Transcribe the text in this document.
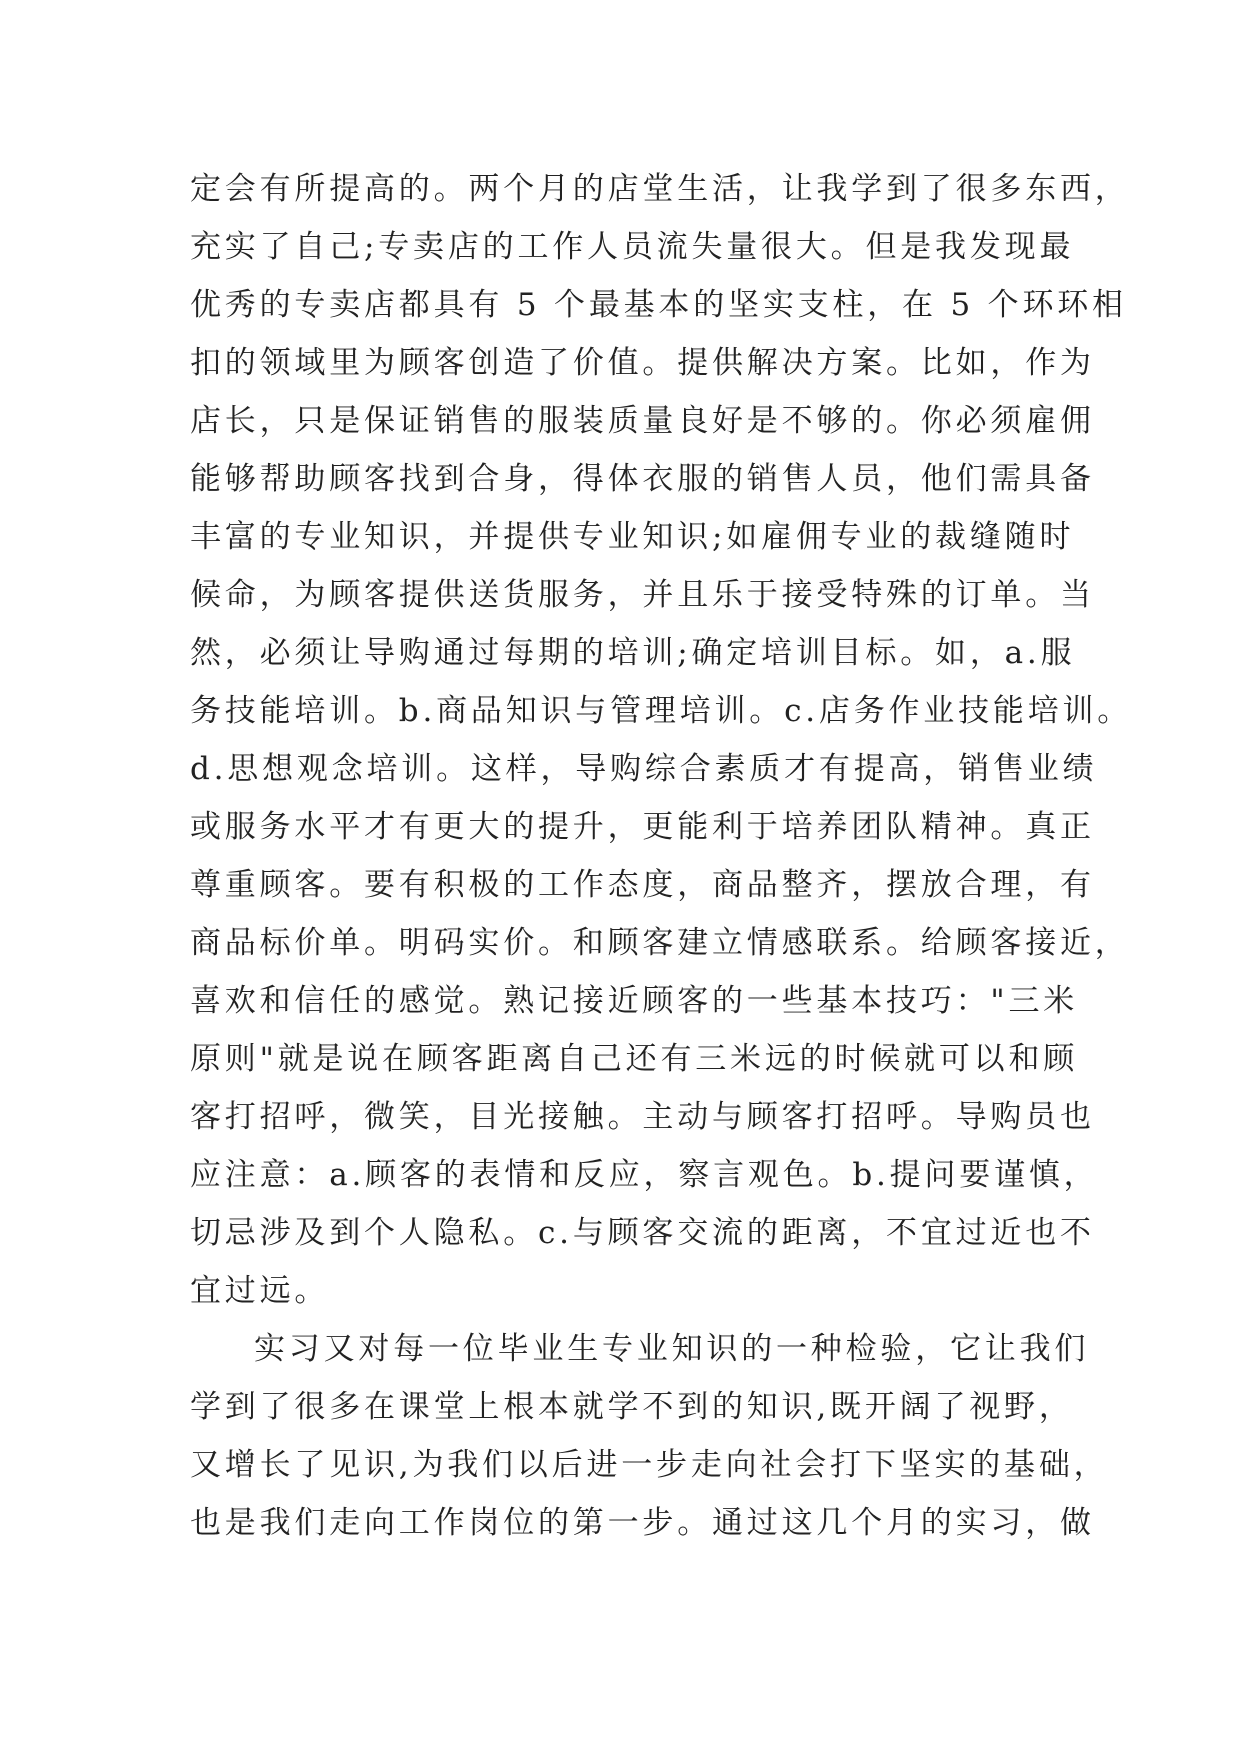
定会有所提高的。两个月的店堂生活，让我学到了很多东西，
充实了自己;专卖店的工作人员流失量很大。但是我发现最
优秀的专卖店都具有 5 个最基本的坚实支柱，在 5 个环环相
扣的领域里为顾客创造了价值。提供解决方案。比如，作为
店长，只是保证销售的服装质量良好是不够的。你必须雇佣
能够帮助顾客找到合身，得体衣服的销售人员，他们需具备
丰富的专业知识，并提供专业知识;如雇佣专业的裁缝随时
候命，为顾客提供送货服务，并且乐于接受特殊的订单。当
然，必须让导购通过每期的培训;确定培训目标。如，a.服
务技能培训。b.商品知识与管理培训。c.店务作业技能培训。
d.思想观念培训。这样，导购综合素质才有提高，销售业绩
或服务水平才有更大的提升，更能利于培养团队精神。真正
尊重顾客。要有积极的工作态度，商品整齐，摆放合理，有
商品标价单。明码实价。和顾客建立情感联系。给顾客接近，
喜欢和信任的感觉。熟记接近顾客的一些基本技巧："三米
原则"就是说在顾客距离自己还有三米远的时候就可以和顾
客打招呼，微笑，目光接触。主动与顾客打招呼。导购员也
应注意：a.顾客的表情和反应，察言观色。b.提问要谨慎，
切忌涉及到个人隐私。c.与顾客交流的距离，不宜过近也不
宜过远。
实习又对每一位毕业生专业知识的一种检验，它让我们
学到了很多在课堂上根本就学不到的知识,既开阔了视野，
又增长了见识,为我们以后进一步走向社会打下坚实的基础，
也是我们走向工作岗位的第一步。通过这几个月的实习，做
